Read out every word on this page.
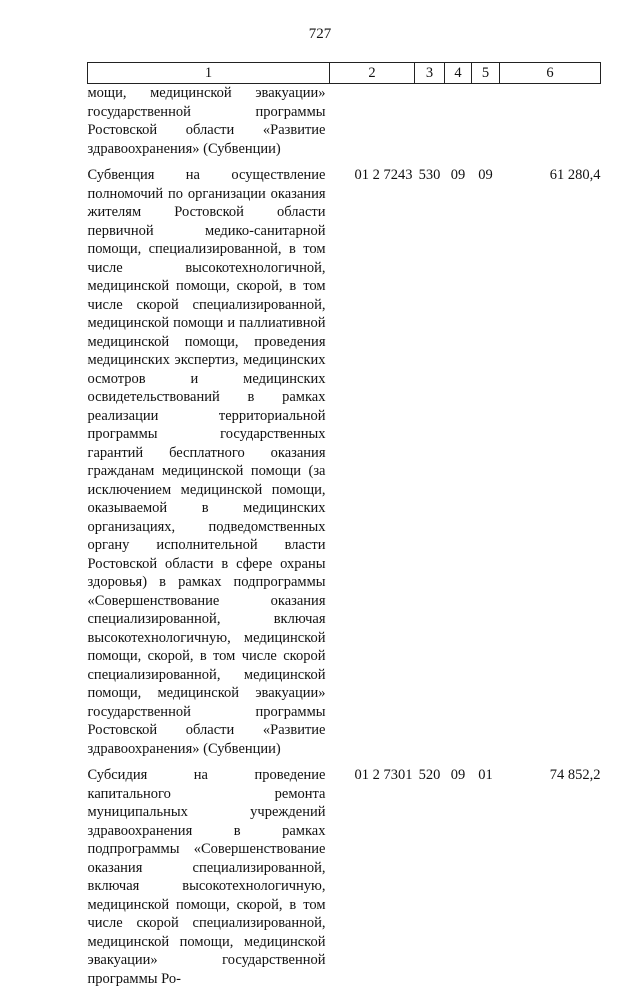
727
1	2	3	4	5	6
мощи, медицинской эвакуации» государственной программы Ростовской области «Развитие здравоохранения» (Субвенции)					

Субвенция на осуществление полномочий по организации оказания жителям Ростовской области первичной медико-санитарной помощи, специализированной, в том числе высокотехнологичной, медицинской помощи, скорой, в том числе скорой специализированной, медицинской помощи и паллиативной медицинской помощи, проведения медицинских экспертиз, медицинских осмотров и медицинских освидетельствований в рамках реализации территориальной программы государственных гарантий бесплатного оказания гражданам медицинской помощи (за исключением медицинской помощи, оказываемой в медицинских организациях, подведомственных органу исполнительной власти Ростовской области в сфере охраны здоровья) в рамках подпрограммы «Совершенствование оказания специализированной, включая высокотехнологичную, медицинской помощи, скорой, в том числе скорой специализированной, медицинской помощи, медицинской эвакуации» государственной программы Ростовской области «Развитие здравоохранения» (Субвенции)	01 2 7243	530	09	09	61 280,4

Субсидия на проведение капитального ремонта муниципальных учреждений здравоохранения в рамках подпрограммы «Совершенствование оказания специализированной, включая высокотехнологичную, медицинской помощи, скорой, в том числе скорой специализированной, медицинской помощи, медицинской эвакуации» государственной программы Ро-	01 2 7301	520	09	01	74 852,2
